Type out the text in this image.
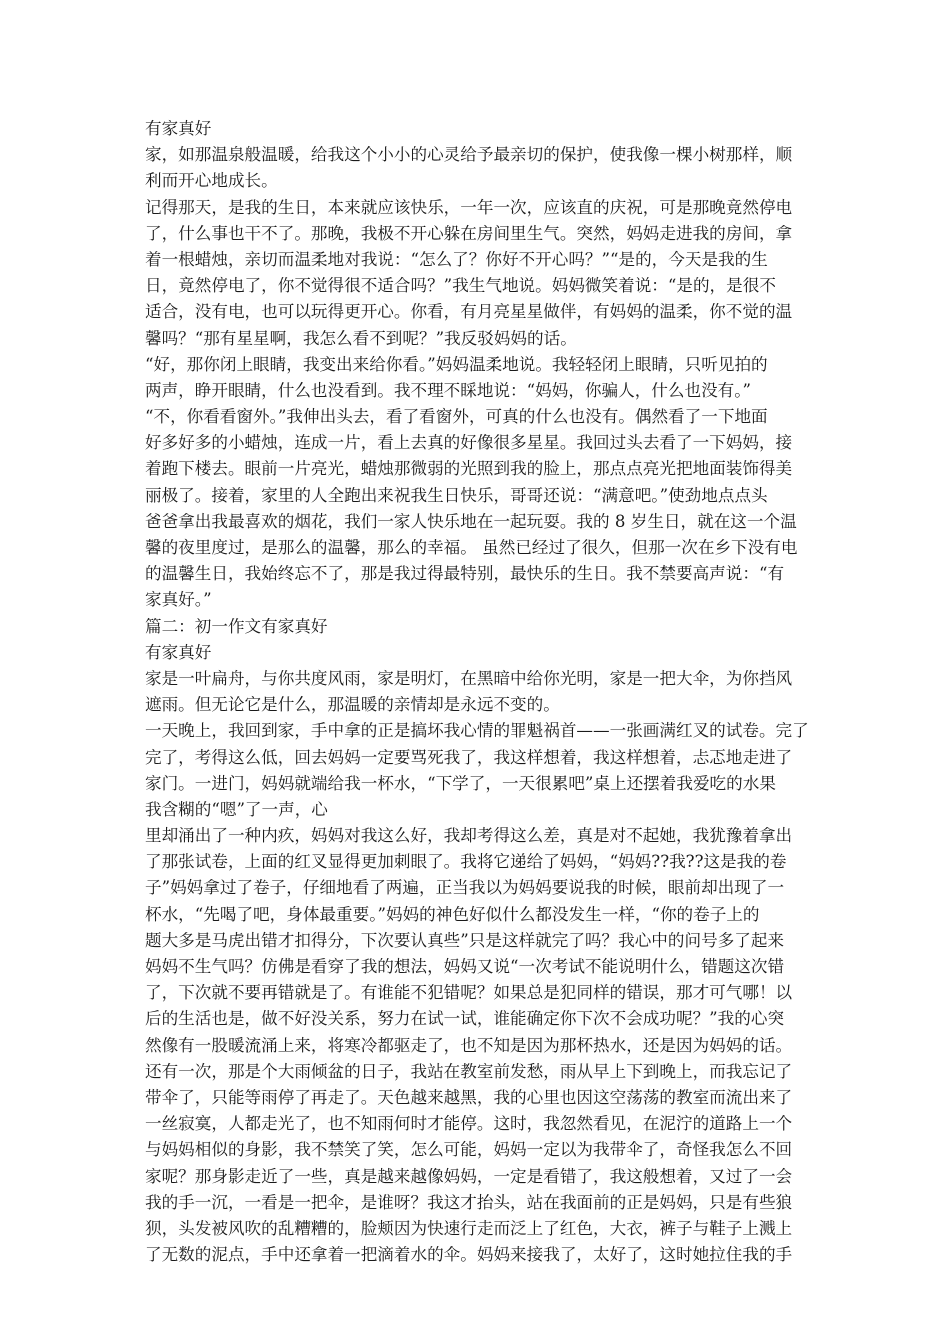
有家真好
家，如那温泉般温暖，给我这个小小的心灵给予最亲切的保护，使我像一棵小树那样，顺
利而开心地成长。
记得那天，是我的生日，本来就应该快乐，一年一次，应该直的庆祝，可是那晚竟然停电
了，什么事也干不了。那晚，我极不开心躲在房间里生气。突然，妈妈走进我的房间，拿
着一根蜡烛，亲切而温柔地对我说：“怎么了？你好不开心吗？”“是的，今天是我的生
日，竟然停电了，你不觉得很不适合吗？”我生气地说。妈妈微笑着说：“是的，是很不
适合，没有电，也可以玩得更开心。你看，有月亮星星做伴，有妈妈的温柔，你不觉的温
馨吗？“那有星星啊，我怎么看不到呢？”我反驳妈妈的话。
“好，那你闭上眼睛，我变出来给你看。”妈妈温柔地说。我轻轻闭上眼睛，只听见拍的
两声，睁开眼睛，什么也没看到。我不理不睬地说：“妈妈，你骗人，什么也没有。”
“不，你看看窗外。”我伸出头去，看了看窗外，可真的什么也没有。偶然看了一下地面
好多好多的小蜡烛，连成一片，看上去真的好像很多星星。我回过头去看了一下妈妈，接
着跑下楼去。眼前一片亮光，蜡烛那微弱的光照到我的脸上，那点点亮光把地面装饰得美
丽极了。接着，家里的人全跑出来祝我生日快乐，哥哥还说：“满意吧。”使劲地点点头
爸爸拿出我最喜欢的烟花，我们一家人快乐地在一起玩耍。我的 8 岁生日，就在这一个温
馨的夜里度过，是那么的温馨，那么的幸福。 虽然已经过了很久，但那一次在乡下没有电
的温馨生日，我始终忘不了，那是我过得最特别，最快乐的生日。我不禁要高声说：“有
家真好。”
篇二：初一作文有家真好
有家真好
家是一叶扁舟，与你共度风雨，家是明灯，在黑暗中给你光明，家是一把大伞，为你挡风
遮雨。但无论它是什么，那温暖的亲情却是永远不变的。
一天晚上，我回到家，手中拿的正是搞坏我心情的罪魁祸首——一张画满红叉的试卷。完了
完了，考得这么低，回去妈妈一定要骂死我了，我这样想着，我这样想着，忐忑地走进了
家门。一进门，妈妈就端给我一杯水，“下学了，一天很累吧”桌上还摆着我爱吃的水果
我含糊的“嗯”了一声，心
里却涌出了一种内疚，妈妈对我这么好，我却考得这么差，真是对不起她，我犹豫着拿出
了那张试卷，上面的红叉显得更加刺眼了。我将它递给了妈妈，“妈妈??我??这是我的卷
子”妈妈拿过了卷子，仔细地看了两遍，正当我以为妈妈要说我的时候，眼前却出现了一
杯水，“先喝了吧，身体最重要。”妈妈的神色好似什么都没发生一样，“你的卷子上的
题大多是马虎出错才扣得分，下次要认真些”只是这样就完了吗？我心中的问号多了起来
妈妈不生气吗？仿佛是看穿了我的想法，妈妈又说“一次考试不能说明什么，错题这次错
了，下次就不要再错就是了。有谁能不犯错呢？如果总是犯同样的错误，那才可气哪！以
后的生活也是，做不好没关系，努力在试一试，谁能确定你下次不会成功呢？”我的心突
然像有一股暖流涌上来，将寒冷都驱走了，也不知是因为那杯热水，还是因为妈妈的话。
还有一次，那是个大雨倾盆的日子，我站在教室前发愁，雨从早上下到晚上，而我忘记了
带伞了，只能等雨停了再走了。天色越来越黑，我的心里也因这空荡荡的教室而流出来了
一丝寂寞，人都走光了，也不知雨何时才能停。这时，我忽然看见，在泥泞的道路上一个
与妈妈相似的身影，我不禁笑了笑，怎么可能，妈妈一定以为我带伞了，奇怪我怎么不回
家呢？那身影走近了一些，真是越来越像妈妈，一定是看错了，我这般想着，又过了一会
我的手一沉，一看是一把伞，是谁呀？我这才抬头，站在我面前的正是妈妈，只是有些狼
狈，头发被风吹的乱糟糟的，脸颊因为快速行走而泛上了红色，大衣，裤子与鞋子上溅上
了无数的泥点，手中还拿着一把滴着水的伞。妈妈来接我了，太好了，这时她拉住我的手
